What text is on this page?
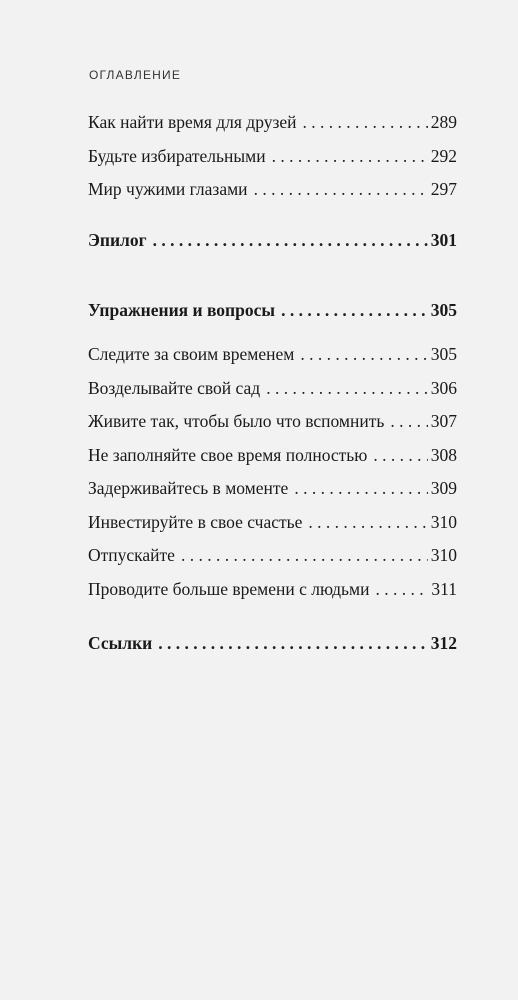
ОГЛАВЛЕНИЕ
Как найти время для друзей . . .	289
Будьте избирательными . . .	292
Мир чужими глазами . . .	297
Эпилог . . .	301
Упражнения и вопросы . . .	305
Следите за своим временем . . .	305
Возделывайте свой сад . . .	306
Живите так, чтобы было что вспомнить . . .	307
Не заполняйте свое время полностью . . .	308
Задерживайтесь в моменте . . .	309
Инвестируйте в свое счастье . . .	310
Отпускайте . . .	310
Проводите больше времени с людьми . . .	311
Ссылки . . .	312
